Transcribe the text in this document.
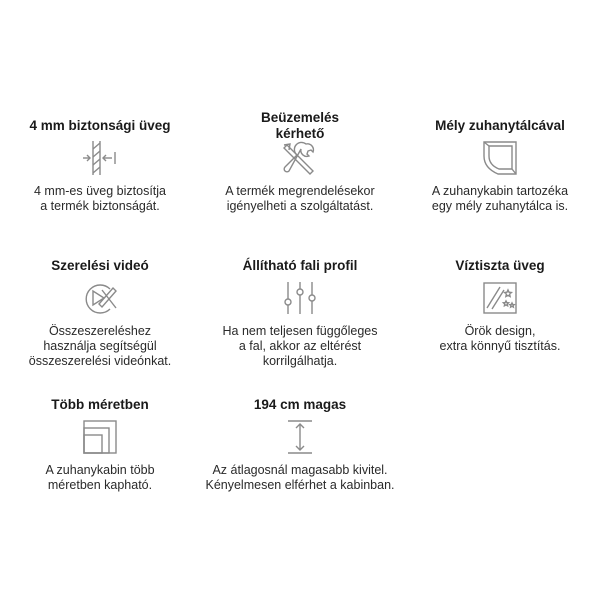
4 mm biztonsági üveg
4 mm-es üveg biztosítja
a termék biztonságát.
Beüzemelés
kérhető
A termék megrendelésekor
igényelheti a szolgáltatást.
Mély zuhanytálcával
A zuhanykabin tartozéka
egy mély zuhanytálca is.
Szerelési videó
Összeszereléshez
használja segítségül
összeszerelési videónkat.
Állítható fali profil
Ha nem teljesen függőleges
a fal, akkor az eltérést
korrilgálhatja.
Víztiszta üveg
Örök design,
extra könnyű tisztítás.
Több méretben
A zuhanykabin több
méretben kapható.
194 cm magas
Az átlagosnál magasabb kivitel.
Kényelmesen elférhet a kabinban.
